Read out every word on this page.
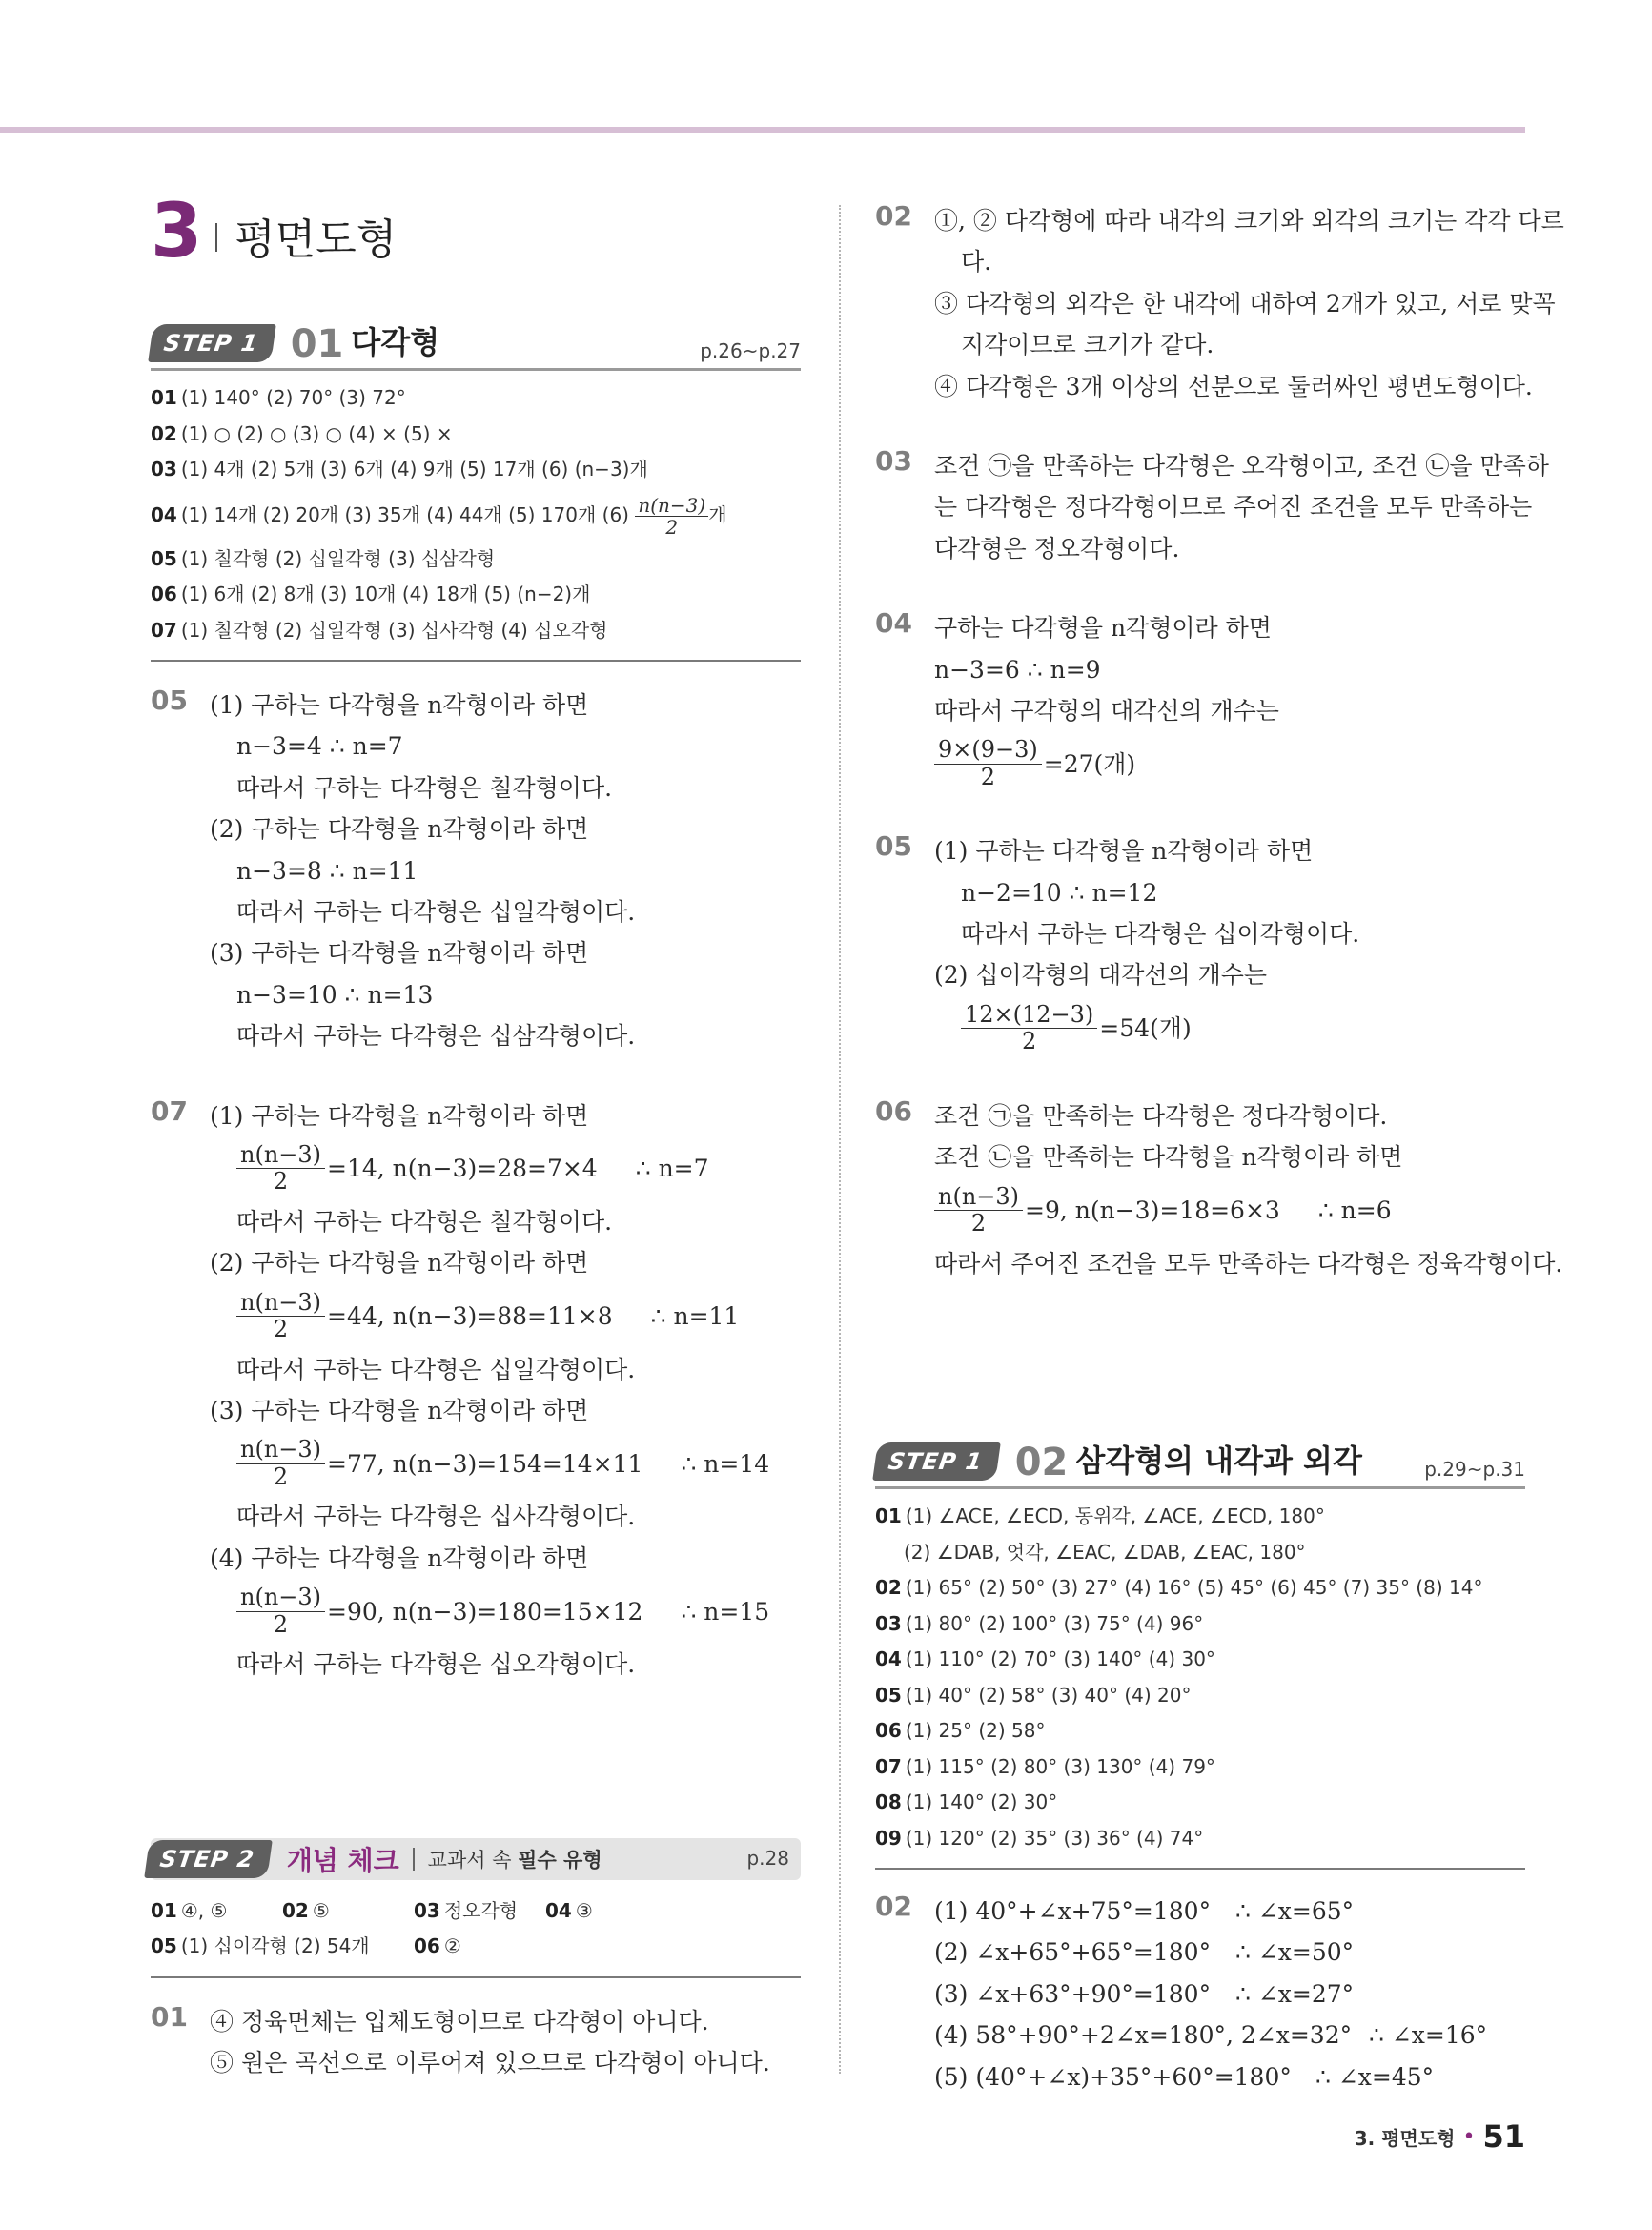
3 평면도형
STEP 1 01 다각형	p.26~p.27
01 (1) 140° (2) 70° (3) 72°
02 (1) ○ (2) ○ (3) ○ (4) × (5) ×
03 (1) 4개 (2) 5개 (3) 6개 (4) 9개 (5) 17개 (6) (n−3)개
04 (1) 14개 (2) 20개 (3) 35개 (4) 44개 (5) 170개 $(6) \frac{n(n-3)}{2}$ 개
05 (1) 칠각형 (2) 십일각형 (3) 십삼각형
06 (1) 6개 (2) 8개 (3) 10개 (4) 18개 (5) (n−2)개
07 (1) 칠각형 (2) 십일각형 (3) 십사각형 (4) 십오각형
05 (1) 구하는 다각형을 n각형이라 하면
n−3=4 ∴ n=7
따라서 구하는 다각형은 칠각형이다.
(2) 구하는 다각형을 n각형이라 하면
n−3=8 ∴ n=11
따라서 구하는 다각형은 십일각형이다.
(3) 구하는 다각형을 n각형이라 하면
n−3=10 ∴ n=13
따라서 구하는 다각형은 십삼각형이다.
07 (1) 구하는 다각형을 n각형이라 하면
$\frac{n(n-3)}{2} =14$, n(n−3)=28=7×4 ∴ n=7
따라서 구하는 다각형은 칠각형이다.
(2) 구하는 다각형을 n각형이라 하면
$\frac{n(n-3)}{2} =44$, n(n−3)=88=11×8 ∴ n=11
따라서 구하는 다각형은 십일각형이다.
(3) 구하는 다각형을 n각형이라 하면
$\frac{n(n-3)}{2} =77$, n(n−3)=154=14×11 ∴ n=14
따라서 구하는 다각형은 십사각형이다.
(4) 구하는 다각형을 n각형이라 하면
$\frac{n(n-3)}{2} =90$, n(n−3)=180=15×12 ∴ n=15
따라서 구하는 다각형은 십오각형이다.
STEP 2	개념 체크 교과서 속 필수 유형	p.28
01 ④, ⑤	02 ⑤	03 정오각형 04 ③
05 (1) 십이각형 (2) 54개 06 ②
01 ④ 정육면체는 입체도형이므로 다각형이 아니다.
⑤ 원은 곡선으로 이루어져 있으므로 다각형이 아니다.
02 ①, ② 다각형에 따라 내각의 크기와 외각의 크기는 각각 다르
다.
③ 다각형의 외각은 한 내각에 대하여 2개가 있고, 서로 맞꼭
지각이므로 크기가 같다.
④ 다각형은 3개 이상의 선분으로 둘러싸인 평면도형이다.
03 조건 ㉠을 만족하는 다각형은 오각형이고, 조건 ㉡을 만족하
는 다각형은 정다각형이므로 주어진 조건을 모두 만족하는
다각형은 정오각형이다.
04 구하는 다각형을 n각형이라 하면
n−3=6 ∴ n=9
따라서 구각형의 대각선의 개수는
$\frac{9\times(9-3)}{2} =27$(개)
05 (1) 구하는 다각형을 n각형이라 하면
n−2=10 ∴ n=12
따라서 구하는 다각형은 십이각형이다.
(2) 십이각형의 대각선의 개수는
$\frac{12\times(12-3)}{2} =54$(개)
06 조건 ㉠을 만족하는 다각형은 정다각형이다.
조건 ㉡을 만족하는 다각형을 n각형이라 하면
$\frac{n(n-3)}{2} =9$, n(n−3)=18=6×3 ∴ n=6
따라서 주어진 조건을 모두 만족하는 다각형은 정육각형이다.
STEP 1 02 삼각형의 내각과 외각	p.29~p.31
01 (1) ∠ACE, ∠ECD, 동위각, ∠ACE, ∠ECD, 180°
(2) ∠DAB, 엇각, ∠EAC, ∠DAB, ∠EAC, 180°
02 (1) 65° (2) 50° (3) 27° (4) 16° (5) 45° (6) 45° (7) 35° (8) 14°
03 (1) 80° (2) 100° (3) 75° (4) 96°
04 (1) 110° (2) 70° (3) 140° (4) 30°
05 (1) 40° (2) 58° (3) 40° (4) 20°
06 (1) 25° (2) 58°
07 (1) 115° (2) 80° (3) 130° (4) 79°
08 (1) 140° (2) 30°
09 (1) 120° (2) 35° (3) 36° (4) 74°
02 (1) 40°+∠x+75°=180° ∴ ∠x=65°
(2) ∠x+65°+65°=180° ∴ ∠x=50°
(3) ∠x+63°+90°=180° ∴ ∠x=27°
(4) 58°+90°+2∠x=180°, 2∠x=32° ∴ ∠x=16°
(5) (40°+∠x)+35°+60°=180° ∴ ∠x=45°
3. 평면도형 • 51
